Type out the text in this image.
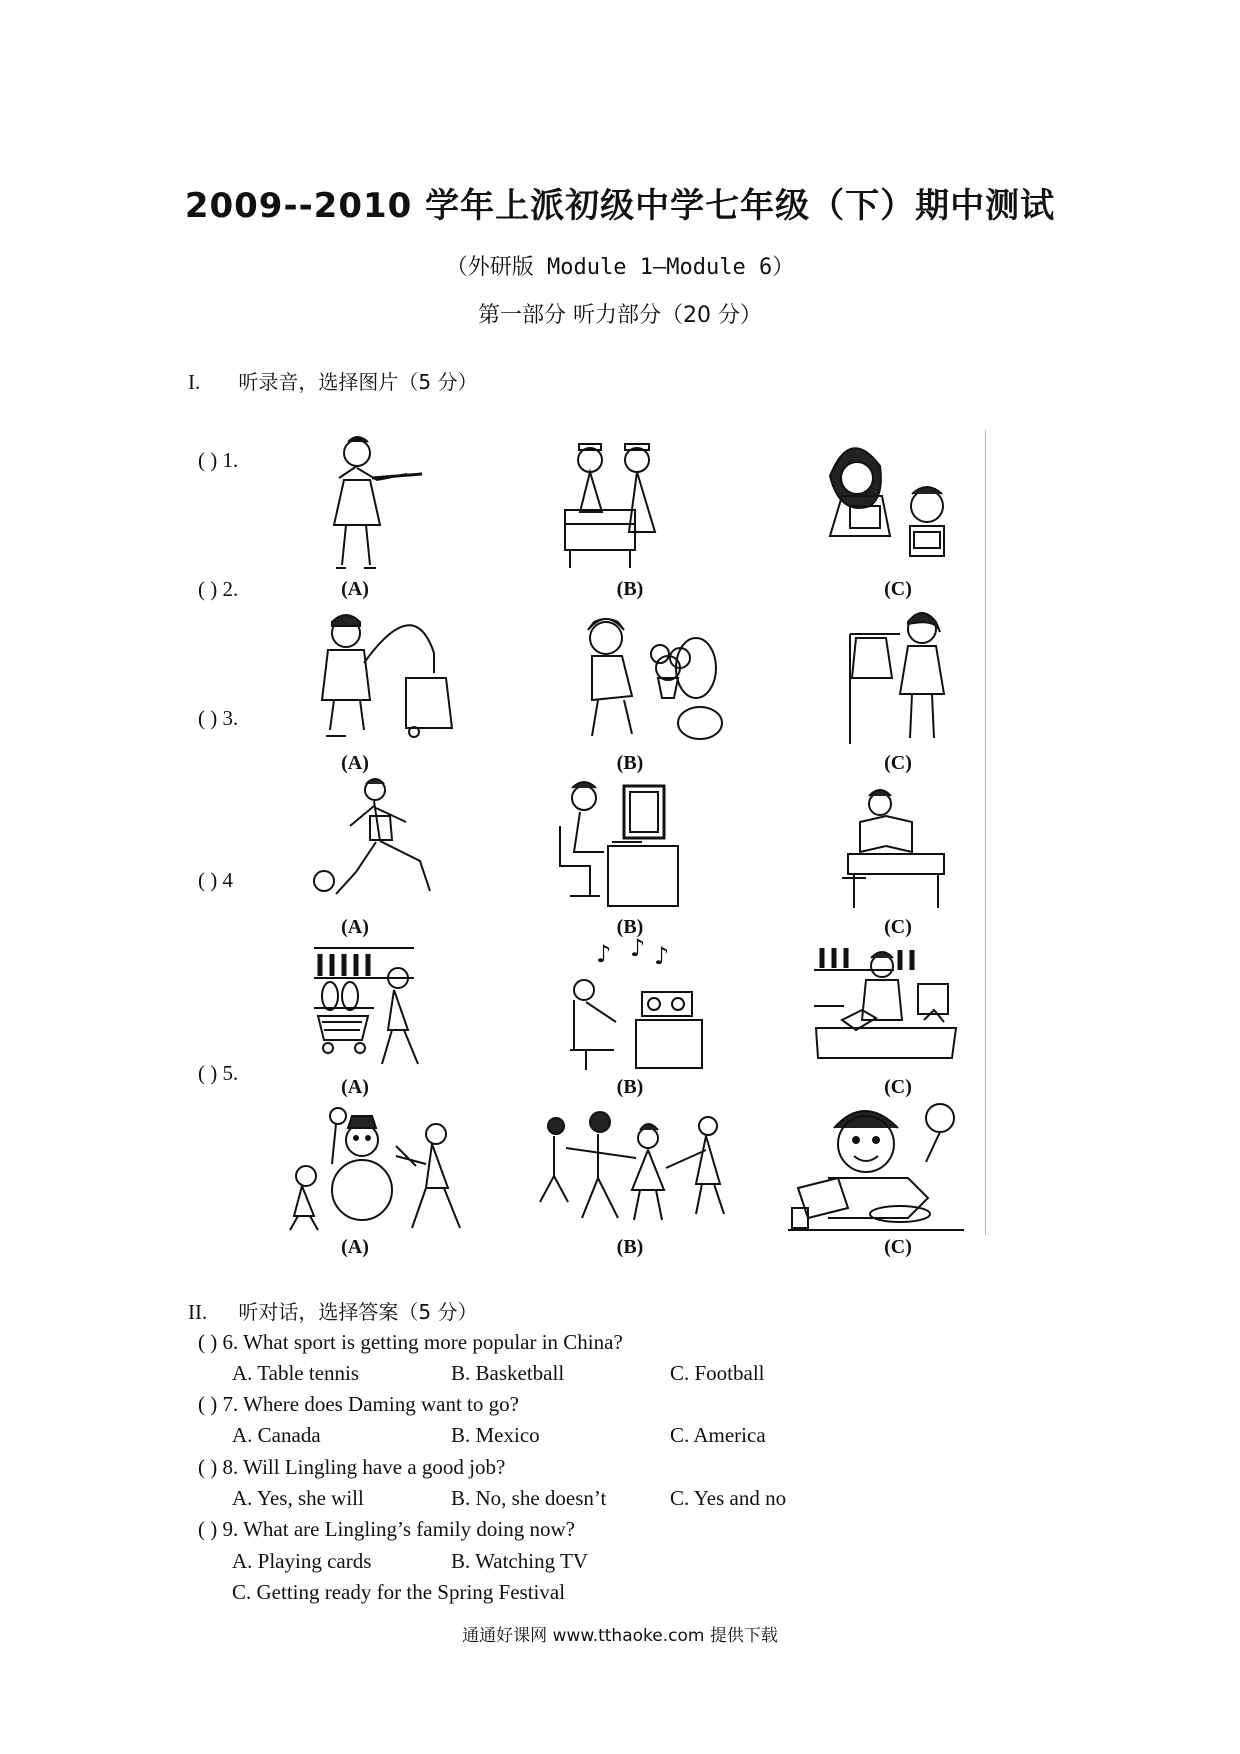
2009--2010 学年上派初级中学七年级（下）期中测试
（外研版 Module 1—Module 6）
第一部分 听力部分（20 分）
I. 听录音，选择图片（5 分）
( ) 1.
( ) 2.
( ) 3.
( ) 4
( ) 5.
(A)	(B)	(C)
(A)	(B)	(C)
(A)	(B)	(C)
♪ ♪ ♪
(A)	(B)	(C)
(A)	(B)	(C)
II. 听对话，选择答案（5 分）
( ) 6. What sport is getting more popular in China?
A. Table tennis	B. Basketball	C. Football
( ) 7. Where does Daming want to go?
A. Canada	B. Mexico	C. America
( ) 8. Will Lingling have a good job?
A. Yes, she will	B. No, she doesn’t	C. Yes and no
( ) 9. What are Lingling’s family doing now?
A. Playing cards	B. Watching TV
C. Getting ready for the Spring Festival
通通好课网 www.tthaoke.com 提供下载
